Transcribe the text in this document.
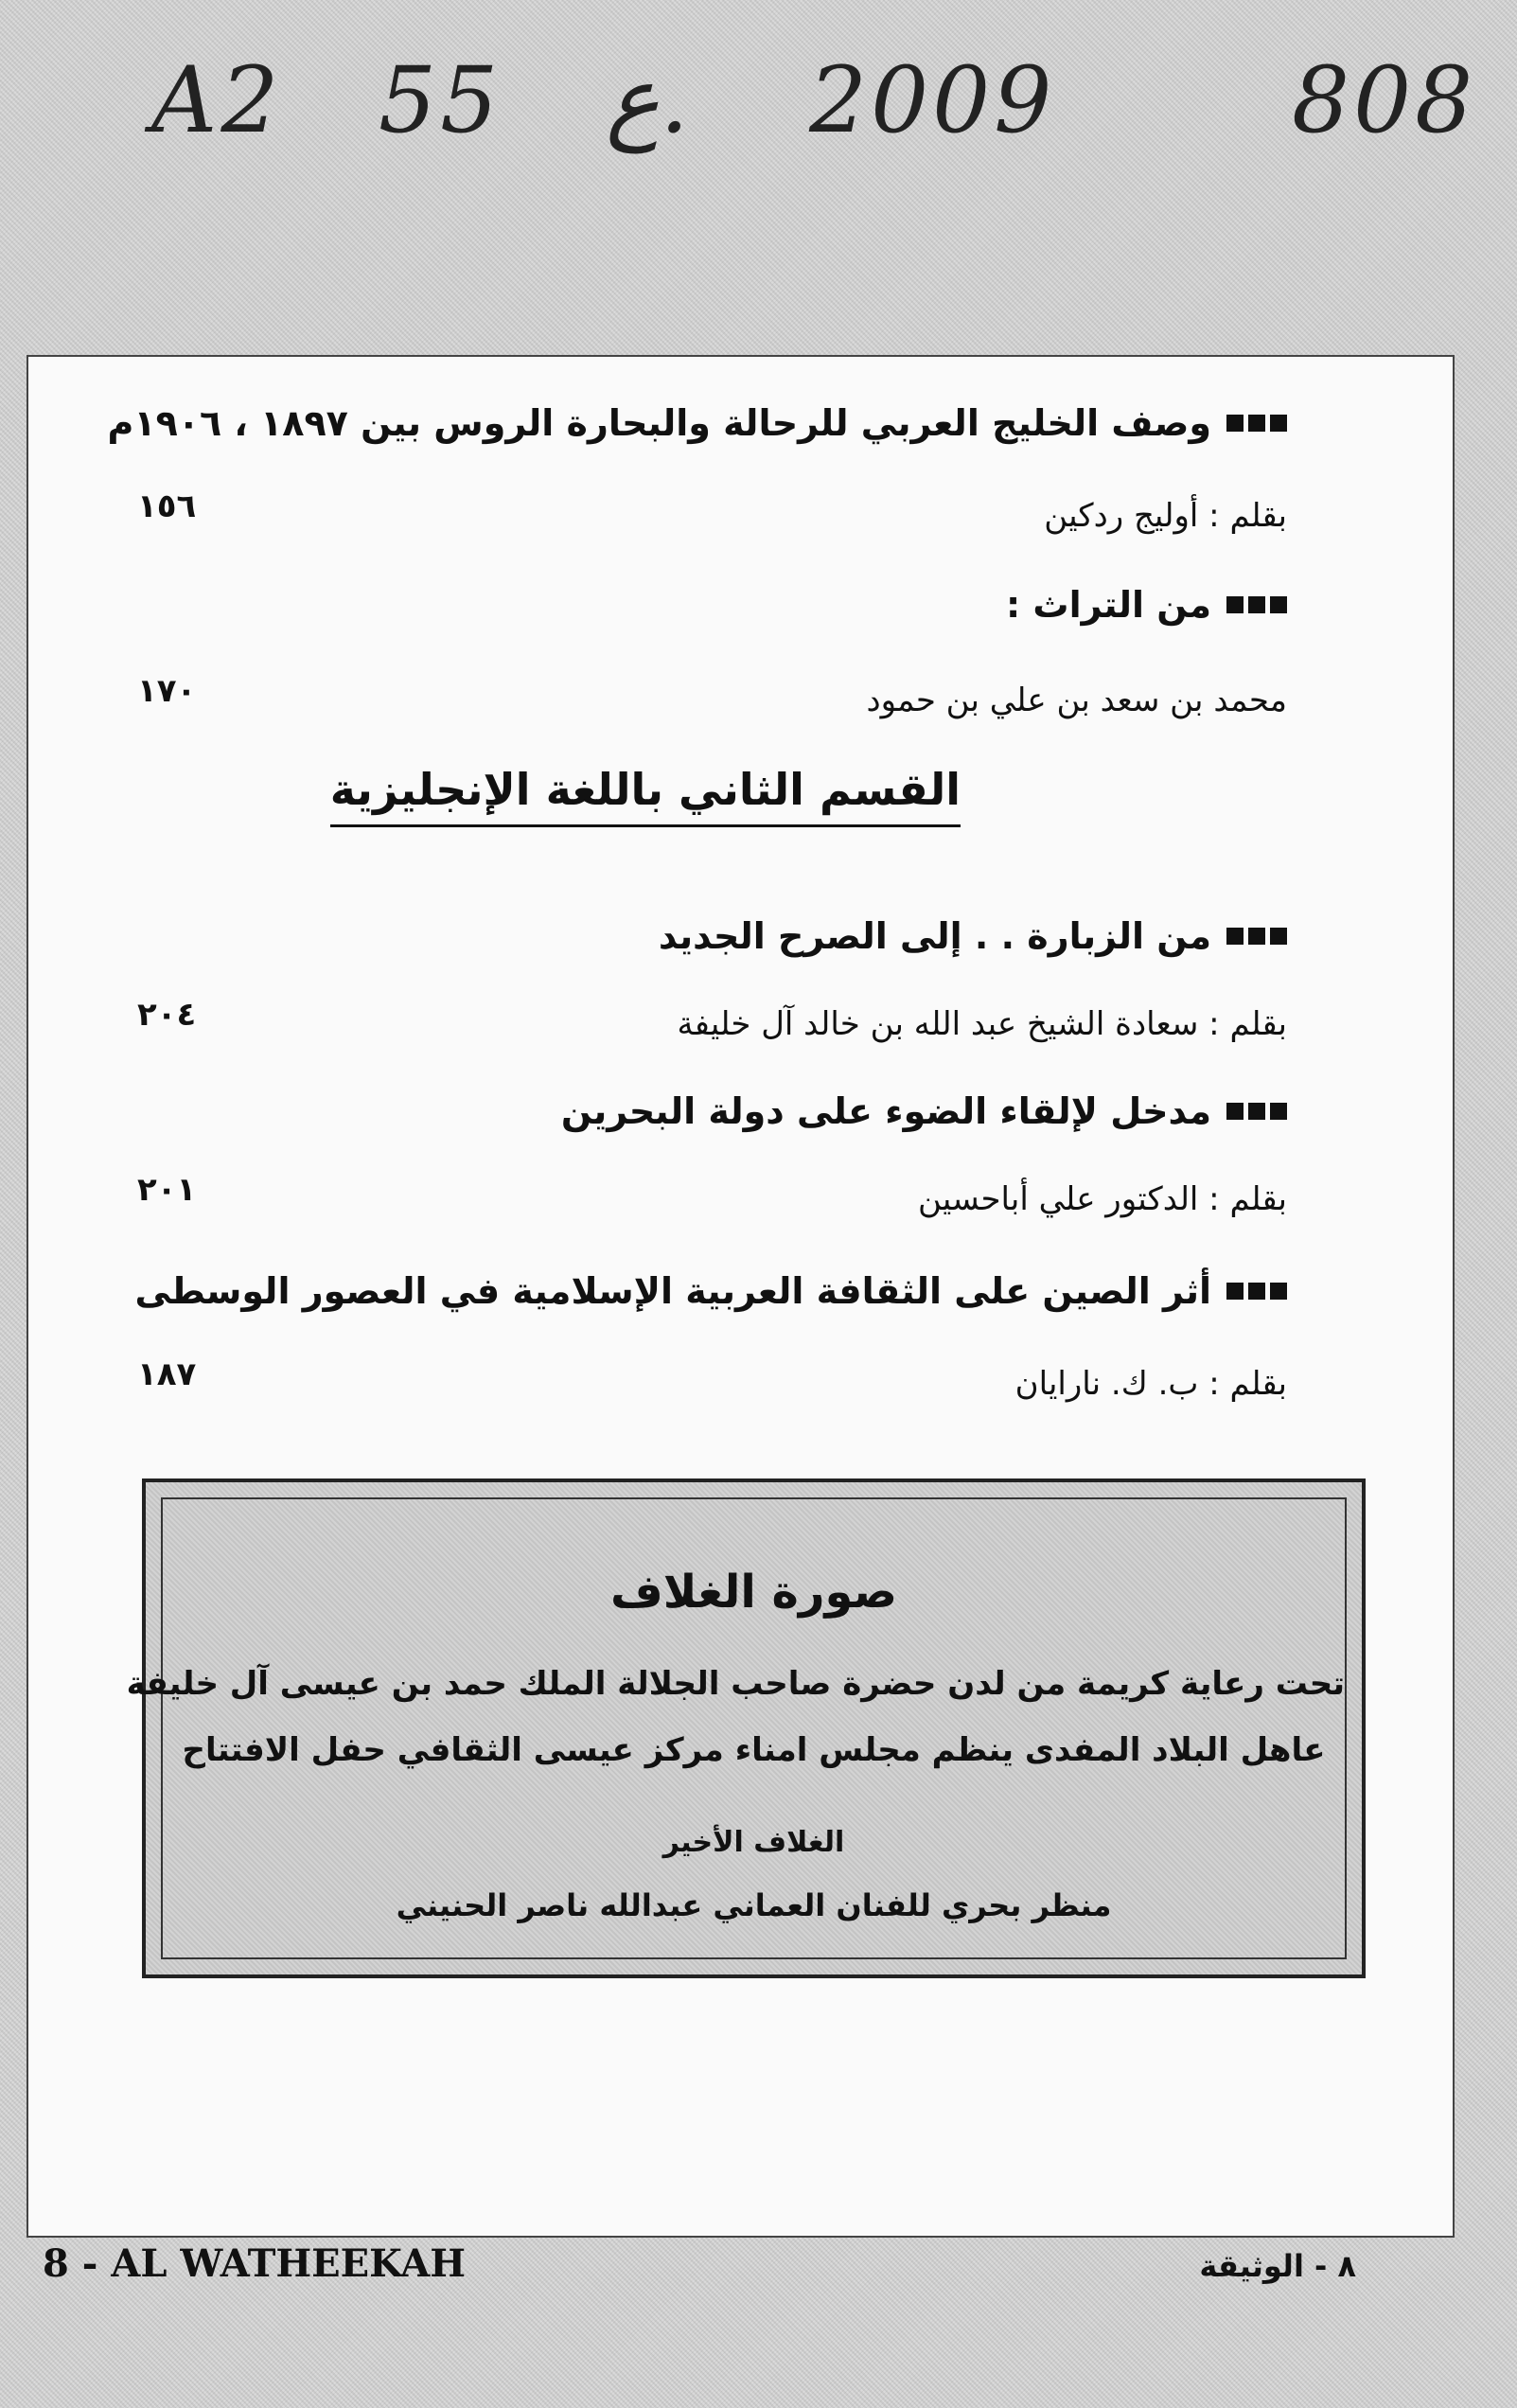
A2 55 ع. 2009	808
وصف الخليج العربي للرحالة والبحارة الروس بين ١٨٩٧ ، ١٩٠٦م
بقلم : أوليج ردكين
١٥٦
من التراث :
محمد بن سعد بن علي بن حمود
١٧٠
القسم الثاني باللغة الإنجليزية
من الزبارة . . إلى الصرح الجديد
بقلم : سعادة الشيخ عبد الله بن خالد آل خليفة
٢٠٤
مدخل لإلقاء الضوء على دولة البحرين
بقلم : الدكتور علي أباحسين
٢٠١
أثر الصين على الثقافة العربية الإسلامية في العصور الوسطى
بقلم : ب. ك. نارايان
١٨٧
صورة الغلاف
تحت رعاية كريمة من لدن حضرة صاحب الجلالة الملك حمد بن عيسى آل خليفة
عاهل البلاد المفدى ينظم مجلس امناء مركز عيسى الثقافي حفل الافتتاح
الغلاف الأخير
منظر بحري للفنان العماني عبدالله ناصر الحنيني
8 - AL WATHEEKAH	٨ - الوثيقة
